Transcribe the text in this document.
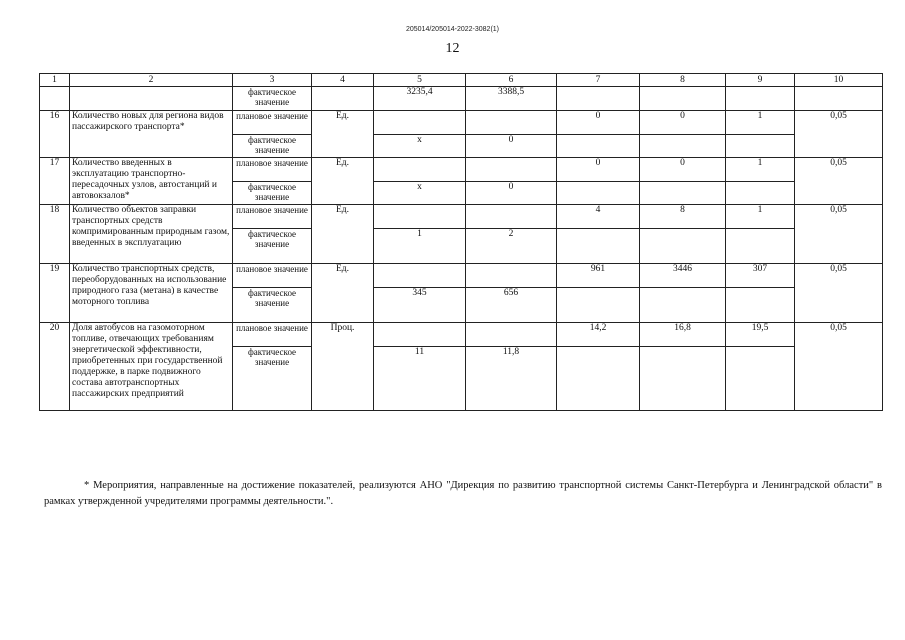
205014/205014-2022-3082(1)
12
1	2	3	4	5	6	7	8	9	10
		фактическое значение		3235,4	3388,5				
16	Количество новых для региона видов пассажирского транспорта*	плановое значение	Ед.			0	0	1	0,05
		фактическое значение		х	0				
17	Количество введенных в эксплуатацию транспортно-пересадочных узлов, автостанций и автовокзалов*	плановое значение	Ед.			0	0	1	0,05
		фактическое значение		х	0				
18	Количество объектов заправки транспортных средств компримированным природным газом, введенных в эксплуатацию	плановое значение	Ед.			4	8	1	0,05
		фактическое значение		1	2				
19	Количество транспортных средств, переоборудованных на использование природного газа (метана) в качестве моторного топлива	плановое значение	Ед.			961	3446	307	0,05
		фактическое значение		345	656				
20	Доля автобусов на газомоторном топливе, отвечающих требованиям энергетической эффективности, приобретенных при государственной поддержке, в парке подвижного состава автотранспортных пассажирских предприятий	плановое значение	Проц.			14,2	16,8	19,5	0,05
		фактическое значение		11	11,8				
* Мероприятия, направленные на достижение показателей, реализуются АНО "Дирекция по развитию транспортной системы Санкт-Петербурга и Ленинградской области" в рамках утвержденной учредителями программы деятельности.".
